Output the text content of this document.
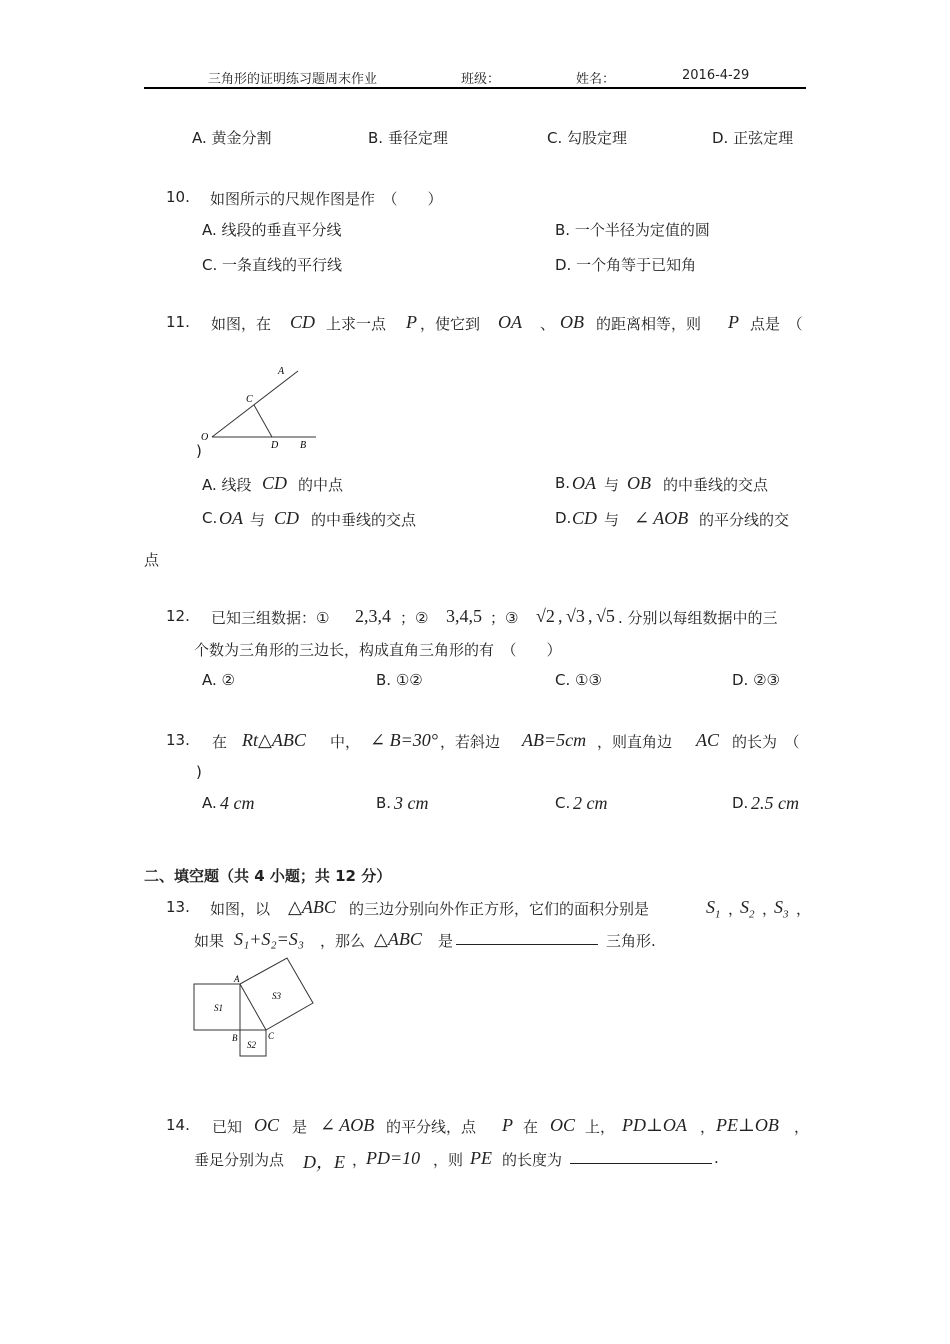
三角形的证明练习题周末作业	班级：	姓名：	2016-4-29
A. 黄金分割	B. 垂径定理	C. 勾股定理	D. 正弦定理
10. 如图所示的尺规作图是作　（　　）
A. 线段的垂直平分线	B. 一个半径为定值的圆
C. 一条直线的平行线	D. 一个角等于已知角
11. 如图，在 CD 上求一点 P ，使它到 OA 、 OB 的距离相等，则 P 点是　（
A
C
O
D B
)
A. 线段 CD 的中点	B. OA 与 OB 的中垂线的交点
C. OA 与 CD 的中垂线的交点	D. CD 与 ∠ AOB 的平分线的交
点
12. 已知三组数据：① 2,3,4 ；② 3,4,5 ；③ √2 , √3 , √5 . 分别以每组数据中的三
个数为三角形的三边长，构成直角三角形的有　（　　）
A. ②	B. ①②	C. ①③	D. ②③
13. 在 Rt△ABC 中， ∠ B=30° ，若斜边 AB=5cm ，则直角边 AC 的长为　（
)
A. 4 cm	B. 3 cm	C. 2 cm	D. 2.5 cm
二、填空题（共 4 小题；共 12 分）
13. 如图，以 △ABC 的三边分别向外作正方形，它们的面积分别是	$S_1$ ，
$S_2$ ，
$S_3$ ，
如果 S₁+S₂=S₃ ，那么 △ABC 是	三角形.
A
B	C
S1
S2
S3
14. 已知 OC 是 ∠ AOB 的平分线，点 P 在 OC 上， PD⊥OA ， PE⊥OB ，
垂足分别为点 D，E ，
PD=10 ，则 PE 的长度为	.
